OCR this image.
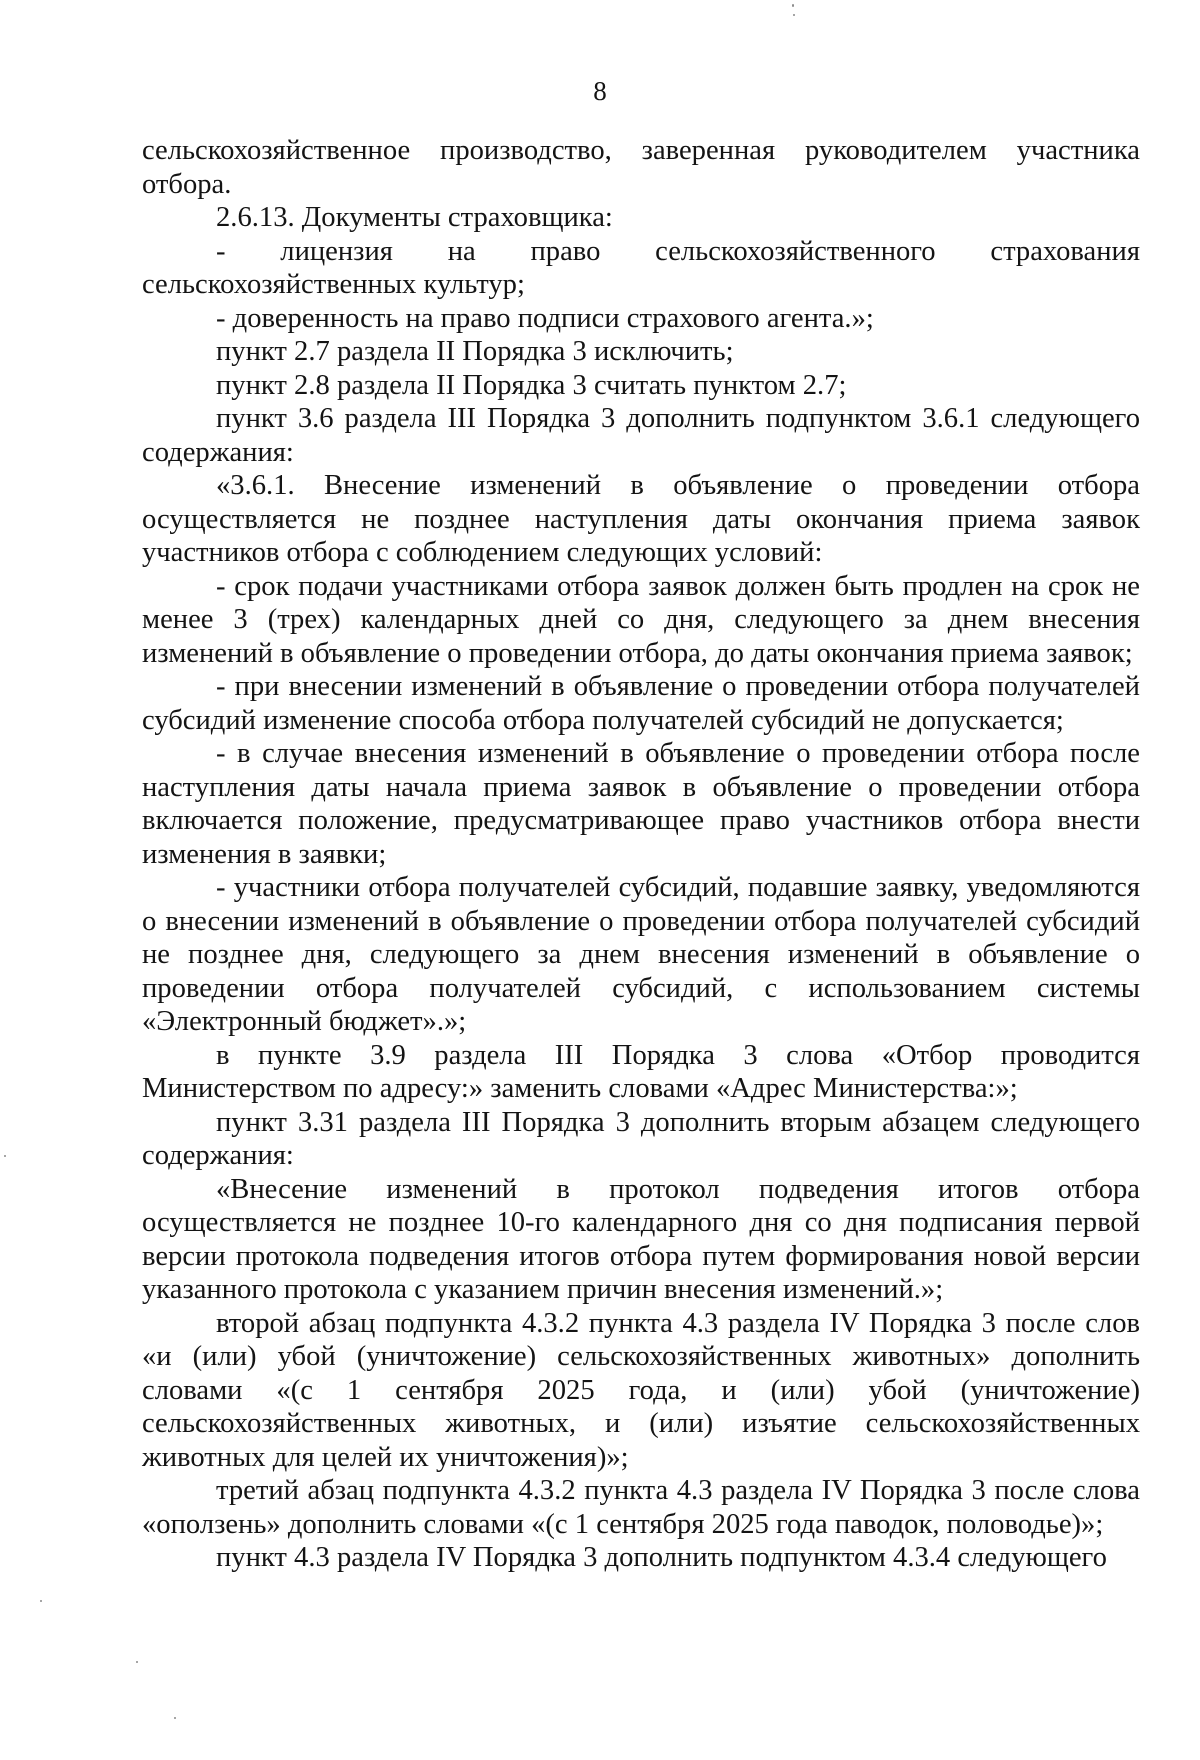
8

сельскохозяйственное производство, заверенная руководителем участника отбора.

2.6.13. Документы страховщика:

- лицензия на право сельскохозяйственного страхования сельскохозяйственных культур;

- доверенность на право подписи страхового агента.»;

пункт 2.7 раздела II Порядка 3 исключить;

пункт 2.8 раздела II Порядка 3 считать пунктом 2.7;

пункт 3.6 раздела III Порядка 3 дополнить подпунктом 3.6.1 следующего содержания:

«3.6.1. Внесение изменений в объявление о проведении отбора осуществляется не позднее наступления даты окончания приема заявок участников отбора с соблюдением следующих условий:

- срок подачи участниками отбора заявок должен быть продлен на срок не менее 3 (трех) календарных дней со дня, следующего за днем внесения изменений в объявление о проведении отбора, до даты окончания приема заявок;

- при внесении изменений в объявление о проведении отбора получателей субсидий изменение способа отбора получателей субсидий не допускается;

- в случае внесения изменений в объявление о проведении отбора после наступления даты начала приема заявок в объявление о проведении отбора включается положение, предусматривающее право участников отбора внести изменения в заявки;

- участники отбора получателей субсидий, подавшие заявку, уведомляются о внесении изменений в объявление о проведении отбора получателей субсидий не позднее дня, следующего за днем внесения изменений в объявление о проведении отбора получателей субсидий, с использованием системы «Электронный бюджет».»;

в пункте 3.9 раздела III Порядка 3 слова «Отбор проводится Министерством по адресу:» заменить словами «Адрес Министерства:»;

пункт 3.31 раздела III Порядка 3 дополнить вторым абзацем следующего содержания:

«Внесение изменений в протокол подведения итогов отбора осуществляется не позднее 10-го календарного дня со дня подписания первой версии протокола подведения итогов отбора путем формирования новой версии указанного протокола с указанием причин внесения изменений.»;

второй абзац подпункта 4.3.2 пункта 4.3 раздела IV Порядка 3 после слов «и (или) убой (уничтожение) сельскохозяйственных животных» дополнить словами «(с 1 сентября 2025 года, и (или) убой (уничтожение) сельскохозяйственных животных, и (или) изъятие сельскохозяйственных животных для целей их уничтожения)»;

третий абзац подпункта 4.3.2 пункта 4.3 раздела IV Порядка 3 после слова «оползень» дополнить словами «(с 1 сентября 2025 года паводок, половодье)»;

пункт 4.3 раздела IV Порядка 3 дополнить подпунктом 4.3.4 следующего
